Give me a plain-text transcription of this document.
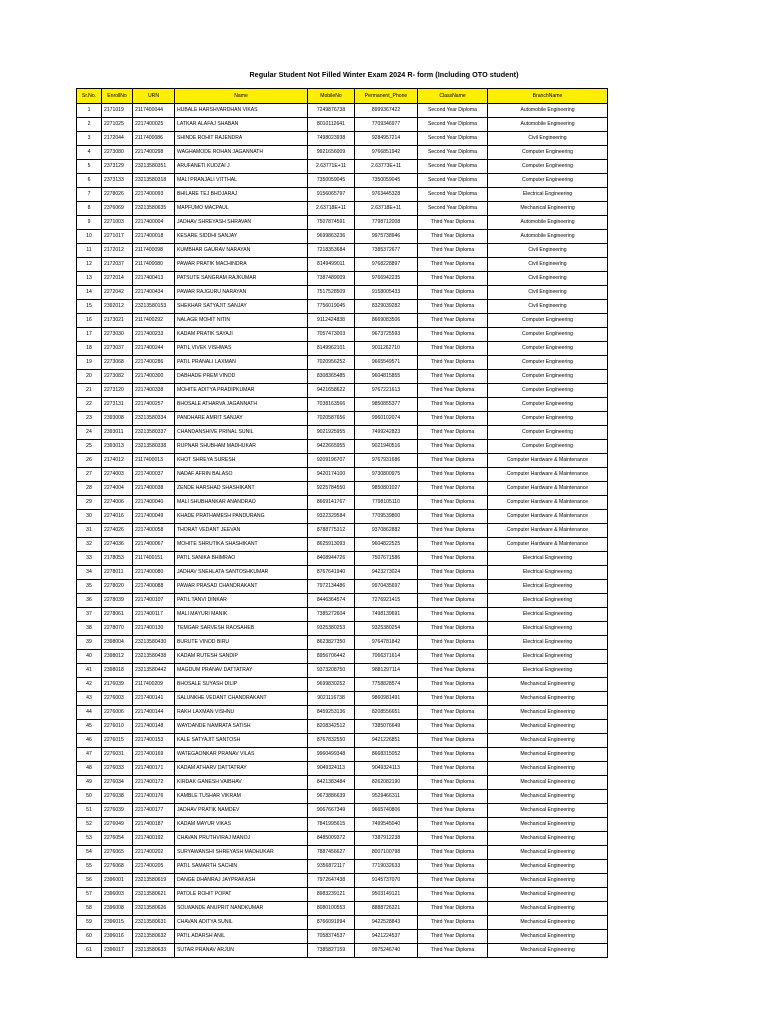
Regular Student Not Filled Winter Exam 2024 R- form (Including OTO student)
Sr.No.	EnrollNo	URN	Name	MobileNo	Permanent_Phone	ClassName	BranchName
1	2171019	2117400044	HUBALE HARSHVARDHAN VIKAS	7249876738	8999367422	Second Year Diploma	Automobile Engineering
2	2271025	2217400025	LATKAR ALAFAJ SHABAN	8010112641	7709346977	Second Year Diploma	Automobile Engineering
3	2172044	2117400086	SHINDE ROHIT RAJENDRA	7498023938	9284957214	Second Year Diploma	Civil Engineering
4	2273080	2217400298	WAGHAMODE ROHAN JAGANNATH	9921656009	9766851942	Second Year Diploma	Computer Engineering
5	2373129	23213580351	ARUFANETI KUDZAI J	2.63771E+11	2.63773E+11	Second Year Diploma	Computer Engineering
6	2373133	23213580318	MALI PRANJALI VITTHAL	7350059045	7350059045	Second Year Diploma	Computer Engineering
7	2278026	2217400093	BHILARE TEJ BHOJARAJ	9156065797	9763445328	Second Year Diploma	Electrical Engineering
8	2376069	23213580635	MAPFUMO MACPAUL	2.63718E+11	2.63718E+11	Second Year Diploma	Mechanical Engineering
9	2271003	2217400004	JADHAV SHREYASH SHRAVAN	7507874591	7798712008	Third Year Diploma	Automobile Engineering
10	2271017	2217400018	KESARE SIDDHI SANJAY	9699863236	9975738946	Third Year Diploma	Automobile Engineering
11	2172012	2117400098	KUMBHAR GAURAV NARAYAN	7218353684	7385372677	Third Year Diploma	Civil Engineering
12	2172037	2117400080	PAWAR PRATIK MACHINDRA	8149499011	9768228897	Third Year Diploma	Civil Engineering
13	2272014	2217400413	PATSUTE SANGRAM RAJKUMAR	7387489009	9766942235	Third Year Diploma	Civil Engineering
14	2272042	2217400434	PAWAR RAJGURU NARAYAN	7517528509	9158005433	Third Year Diploma	Civil Engineering
15	2392012	23213580153	SHEKHAR SATYAJIT SANJAY	7756019045	8329039282	Third Year Diploma	Civil Engineering
16	2173021	2117400292	NALAGE MOHIT NITIN	9112424838	8669083506	Third Year Diploma	Computer Engineering
17	2273030	2217400233	KADAM PRATIK SAYAJI	7057473003	9673725593	Third Year Diploma	Computer Engineering
18	2273037	2217400244	PATIL VIVEK VISHWAS	8149962101	9011262710	Third Year Diploma	Computer Engineering
19	2273068	2217400286	PATIL PRANALI LAXMAN	7020956252	9665549571	Third Year Diploma	Computer Engineering
20	2273082	2217400300	DABHADE PREM VINOD	8308365485	9604815855	Third Year Diploma	Computer Engineering
21	2273120	2217400338	MOHITE ADITYA PRADIPKUMAR	9421658622	9767221613	Third Year Diploma	Computer Engineering
22	2273131	2217400257	BHOSALE ATHARVA JAGANNATH	7038163566	9850855377	Third Year Diploma	Computer Engineering
23	2393008	23213580334	PANDHARE AMRIT SANJAY	7020587656	9960102074	Third Year Diploma	Computer Engineering
24	2393011	23213580337	CHANDANSHIVE PRINAL SUNIL	9021925955	7499242823	Third Year Diploma	Computer Engineering
25	2393013	23213580338	RUPNAR SHUBHAM MADHUKAR	9422665955	9021940516	Third Year Diploma	Computer Engineering
26	2174012	2117400013	KHOT SHREYA SURESH	9209196707	9767931686	Third Year Diploma	Computer Hardware & Maintenance
27	2274003	2217400037	NADAF AFRIN BALASO	9420174100	9730800975	Third Year Diploma	Computer Hardware & Maintenance
28	2274004	2217400038	ZENDE HARSHAD SHASHIKANT	9225784550	9850801027	Third Year Diploma	Computer Hardware & Maintenance
29	2274006	2217400040	MALI SHUBHANKAR ANANDRAO	8669141767	7798105110	Third Year Diploma	Computer Hardware & Maintenance
30	2274016	2217400049	KHADE PRATHAMESH PANDURANG	9322329584	7709539800	Third Year Diploma	Computer Hardware & Maintenance
31	2274026	2217400058	THORAT VEDANT JEEVAN	8788775312	9370862882	Third Year Diploma	Computer Hardware & Maintenance
32	2274036	2217400067	MOHITE SHRUTIKA SHASHIKANT	8625913093	9604822525	Third Year Diploma	Computer Hardware & Maintenance
33	2178053	2117400151	PATIL SANIKA BHIMRAO	8408944726	7507671586	Third Year Diploma	Electrical Engineering
34	2278011	2217400080	JADHAV SNEHLATA SANTOSHKUMAR	8767641940	9423273024	Third Year Diploma	Electrical Engineering
35	2278020	2217400088	PAWAR PRASAD CHANDRAKANT	7972134486	9970435697	Third Year Diploma	Electrical Engineering
36	2278039	2217400107	PATIL TANVI DINKAR	8446364574	7276921415	Third Year Diploma	Electrical Engineering
37	2278061	2217400117	MALI MAYURI MANIK	7385272604	7498139691	Third Year Diploma	Electrical Engineering
38	2278070	2217400130	TEMGAR SARVESH RAOSAHEB	9325380253	9325380254	Third Year Diploma	Electrical Engineering
39	2398004	23213580430	BURUTE VINOD BIRU	8623827350	9764781842	Third Year Diploma	Electrical Engineering
40	2398012	23213580438	KADAM RUTESH SANDIP	8956706442	7066371614	Third Year Diploma	Electrical Engineering
41	2398018	23213580442	MAGDUM PRANAV DATTATRAY	9373208750	9881297114	Third Year Diploma	Electrical Engineering
42	2176039	2117400209	BHOSALE SUYASH DILIP	9699830252	7758828574	Third Year Diploma	Mechanical Engineering
43	2276003	2217400141	SALUNKHE VEDANT CHANDRAKANT	9021116738	9860981491	Third Year Diploma	Mechanical Engineering
44	2276006	2217400144	RAKH LAXMAN VISHNU	8459253136	8208556651	Third Year Diploma	Mechanical Engineering
45	2276010	2217400148	WAYDANDE NAMRATA SATISH	8208342512	7385076649	Third Year Diploma	Mechanical Engineering
46	2276015	2217400153	KALE SATYAJIT SANTOSH	8767832550	9421226851	Third Year Diploma	Mechanical Engineering
47	2276031	2217400169	WATEGAONKAR PRANAV VILAS	9960499348	8668315052	Third Year Diploma	Mechanical Engineering
48	2276033	2217400171	KADAM ATHARV DATTATRAY	9049324113	9049324113	Third Year Diploma	Mechanical Engineering
49	2276034	2217400172	KIRDAK GANESH VAIBHAV	8421383484	8262082190	Third Year Diploma	Mechanical Engineering
50	2276038	2217400176	KAMBLE TUSHAR VIKRAM	9673886639	9529466311	Third Year Diploma	Mechanical Engineering
51	2276039	2217400177	JADHAV PRATIK NAMDEV	9067667349	9665740806	Third Year Diploma	Mechanical Engineering
52	2276049	2217400187	KADAM MAYUR VIKAS	7841995615	7499545040	Third Year Diploma	Mechanical Engineering
53	2276054	2217400192	CHAVAN PRUTHVIRAJ MANOJ	8485009372	7387912238	Third Year Diploma	Mechanical Engineering
54	2276065	2217400202	SURYAWANSHI SHREYASH MADHUKAR	7887456627	8007100798	Third Year Diploma	Mechanical Engineering
55	2276068	2217400205	PATIL SAMARTH SACHIN	9356872117	7719032633	Third Year Diploma	Mechanical Engineering
56	2396001	23213580619	DANGE DHANRAJ JAYPRAKASH	7972647438	9145737070	Third Year Diploma	Mechanical Engineering
57	2396003	23213580621	PATOLE ROHIT POPAT	8983239121	9503149121	Third Year Diploma	Mechanical Engineering
58	2396008	23213580626	SOLWANDE ANUPRIT NANDKUMAR	8080100553	8888726321	Third Year Diploma	Mechanical Engineering
59	2396015	23213580631	CHAVAN ADITYA SUNIL	8766091994	9422528843	Third Year Diploma	Mechanical Engineering
60	2396016	23213580632	PATIL ADARSH ANIL	7058374537	9421224537	Third Year Diploma	Mechanical Engineering
61	2396017	23213580633	SUTAR PRANAV ARJUN	7385827159	9975246740	Third Year Diploma	Mechanical Engineering
